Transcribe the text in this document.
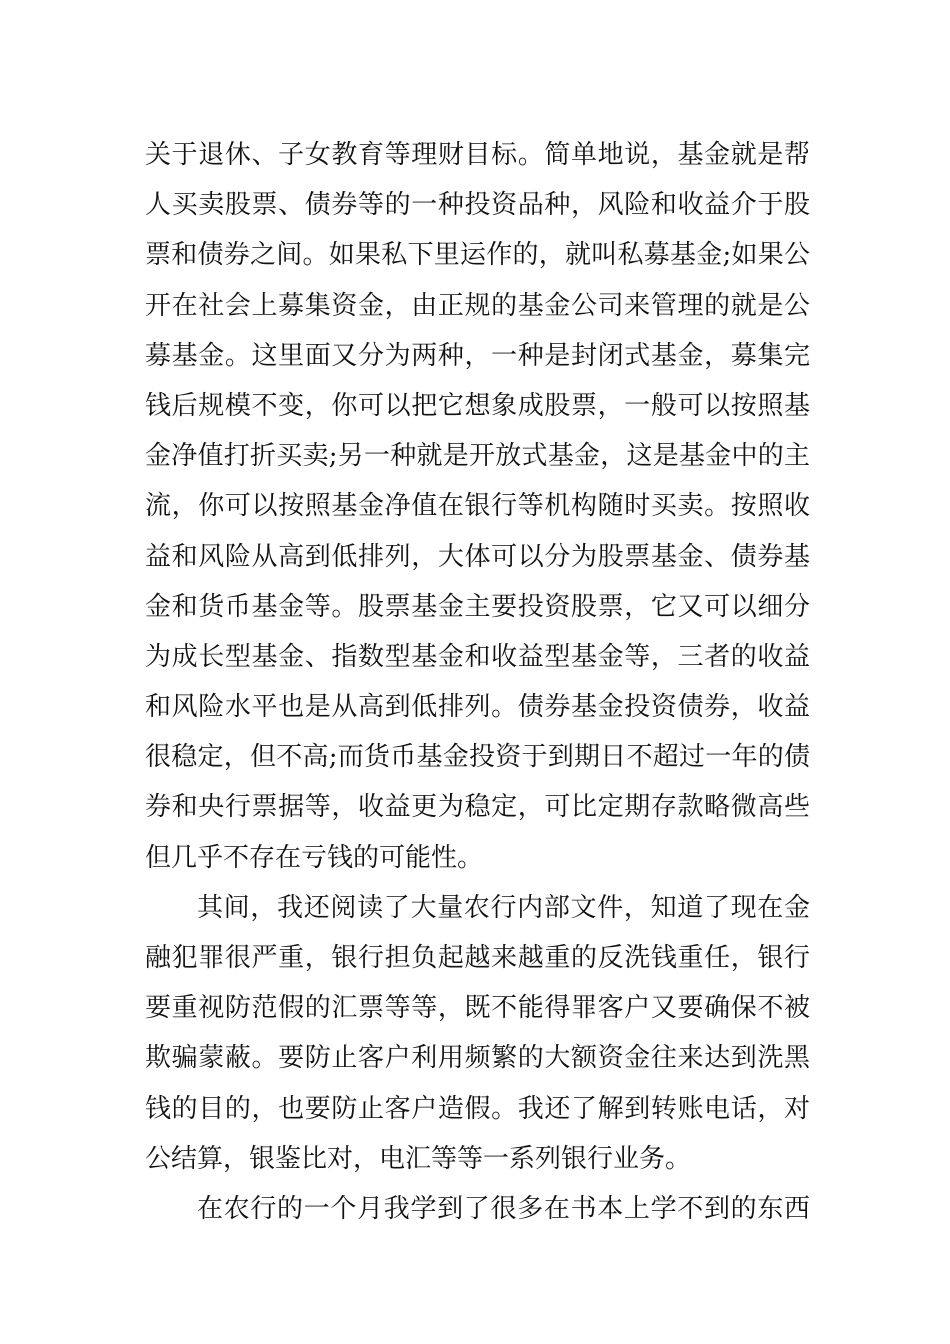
关于退休、子女教育等理财目标。简单地说，基金就是帮
人买卖股票、债券等的一种投资品种，风险和收益介于股
票和债券之间。如果私下里运作的，就叫私募基金;如果公
开在社会上募集资金，由正规的基金公司来管理的就是公
募基金。这里面又分为两种，一种是封闭式基金，募集完
钱后规模不变，你可以把它想象成股票，一般可以按照基
金净值打折买卖;另一种就是开放式基金，这是基金中的主
流，你可以按照基金净值在银行等机构随时买卖。按照收
益和风险从高到低排列，大体可以分为股票基金、债券基
金和货币基金等。股票基金主要投资股票，它又可以细分
为成长型基金、指数型基金和收益型基金等，三者的收益
和风险水平也是从高到低排列。债券基金投资债券，收益
很稳定，但不高;而货币基金投资于到期日不超过一年的债
券和央行票据等，收益更为稳定，可比定期存款略微高些
但几乎不存在亏钱的可能性。
其间，我还阅读了大量农行内部文件，知道了现在金
融犯罪很严重，银行担负起越来越重的反洗钱重任，银行
要重视防范假的汇票等等，既不能得罪客户又要确保不被
欺骗蒙蔽。要防止客户利用频繁的大额资金往来达到洗黑
钱的目的，也要防止客户造假。我还了解到转账电话，对
公结算，银鉴比对，电汇等等一系列银行业务。
在农行的一个月我学到了很多在书本上学不到的东西
